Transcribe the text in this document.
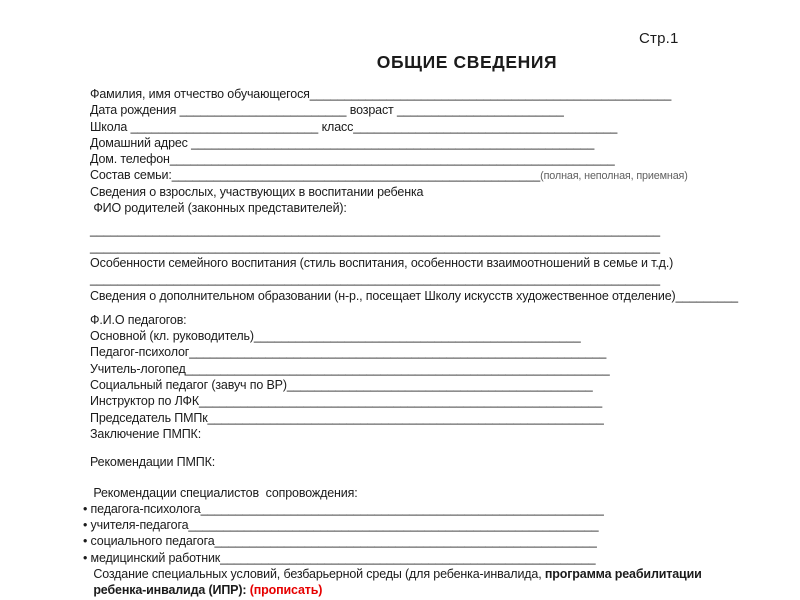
Стр.1
ОБЩИЕ СВЕДЕНИЯ
Фамилия, имя отчество обучающегося____________________________________________________
Дата рождения ________________________ возраст ________________________
Школа ___________________________ класс______________________________________
Домашний адрес __________________________________________________________
Дом. телефон________________________________________________________________
Состав семьи:_____________________________________________________(полная, неполная, приемная)
Сведения о взрослых, участвующих в воспитании ребенка
ФИО родителей (законных представителей):
__________________________________________________________________________________
__________________________________________________________________________________
Особенности семейного воспитания (стиль воспитания, особенности взаимоотношений в семье и т.д.)
__________________________________________________________________________________
Сведения о дополнительном образовании (н-р., посещает Школу искусств художественное отделение)_________
Ф.И.О педагогов:
Основной (кл. руководитель)_______________________________________________
Педагог-психолог____________________________________________________________
Учитель-логопед_____________________________________________________________
Социальный педагог (завуч по ВР)____________________________________________
Инструктор по ЛФК__________________________________________________________
Председатель ПМПк_________________________________________________________
Заключение ПМПК:
Рекомендации ПМПК:
Рекомендации специалистов  сопровождения:
• педагога-психолога__________________________________________________________
• учителя-педагога___________________________________________________________
• социального педагога_______________________________________________________
• медицинский работник______________________________________________________
Создание специальных условий, безбарьерной среды (для ребенка-инвалида, программа реабилитации
ребенка-инвалида (ИПР): (прописать)
